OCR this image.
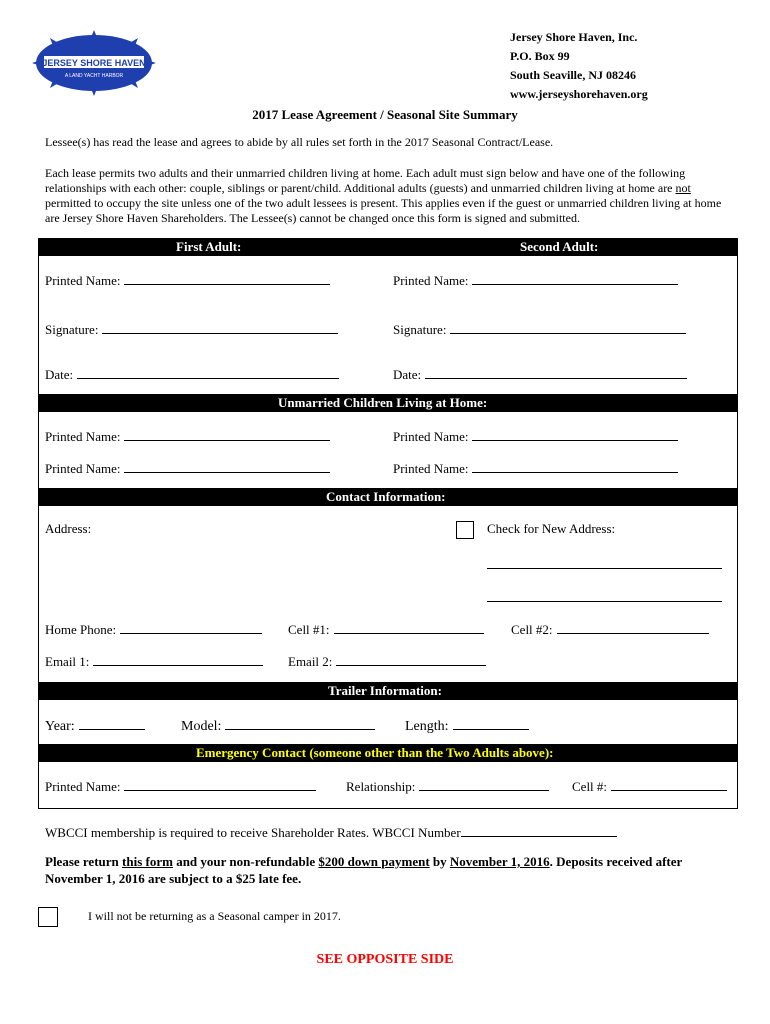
JERSEY SHORE HAVEN
A LAND YACHT HARBOR
Jersey Shore Haven, Inc.
P.O. Box 99
South Seaville, NJ 08246
www.jerseyshorehaven.org
2017 Lease Agreement / Seasonal Site Summary
Lessee(s) has read the lease and agrees to abide by all rules set forth in the 2017 Seasonal Contract/Lease.
Each lease permits two adults and their unmarried children living at home. Each adult must sign below and have one of the following relationships with each other: couple, siblings or parent/child. Additional adults (guests) and unmarried children living at home are not permitted to occupy the site unless one of the two adult lessees is present. This applies even if the guest or unmarried children living at home are Jersey Shore Haven Shareholders. The Lessee(s) cannot be changed once this form is signed and submitted.
First Adult:	Second Adult:
Printed Name:	Printed Name:
Signature:	Signature:
Date:	Date:
Unmarried Children Living at Home:
Printed Name:	Printed Name:
Printed Name:	Printed Name:
Contact Information:
Address:	Check for New Address:
Home Phone:	Cell #1:	Cell #2:
Email 1:	Email 2:
Trailer Information:
Year:	Model:	Length:
Emergency Contact (someone other than the Two Adults above):
Printed Name:	Relationship:	Cell #:
WBCCI membership is required to receive Shareholder Rates. WBCCI Number
Please return this form and your non-refundable $200 down payment by November 1, 2016. Deposits received after November 1, 2016 are subject to a $25 late fee.
I will not be returning as a Seasonal camper in 2017.
SEE OPPOSITE SIDE
